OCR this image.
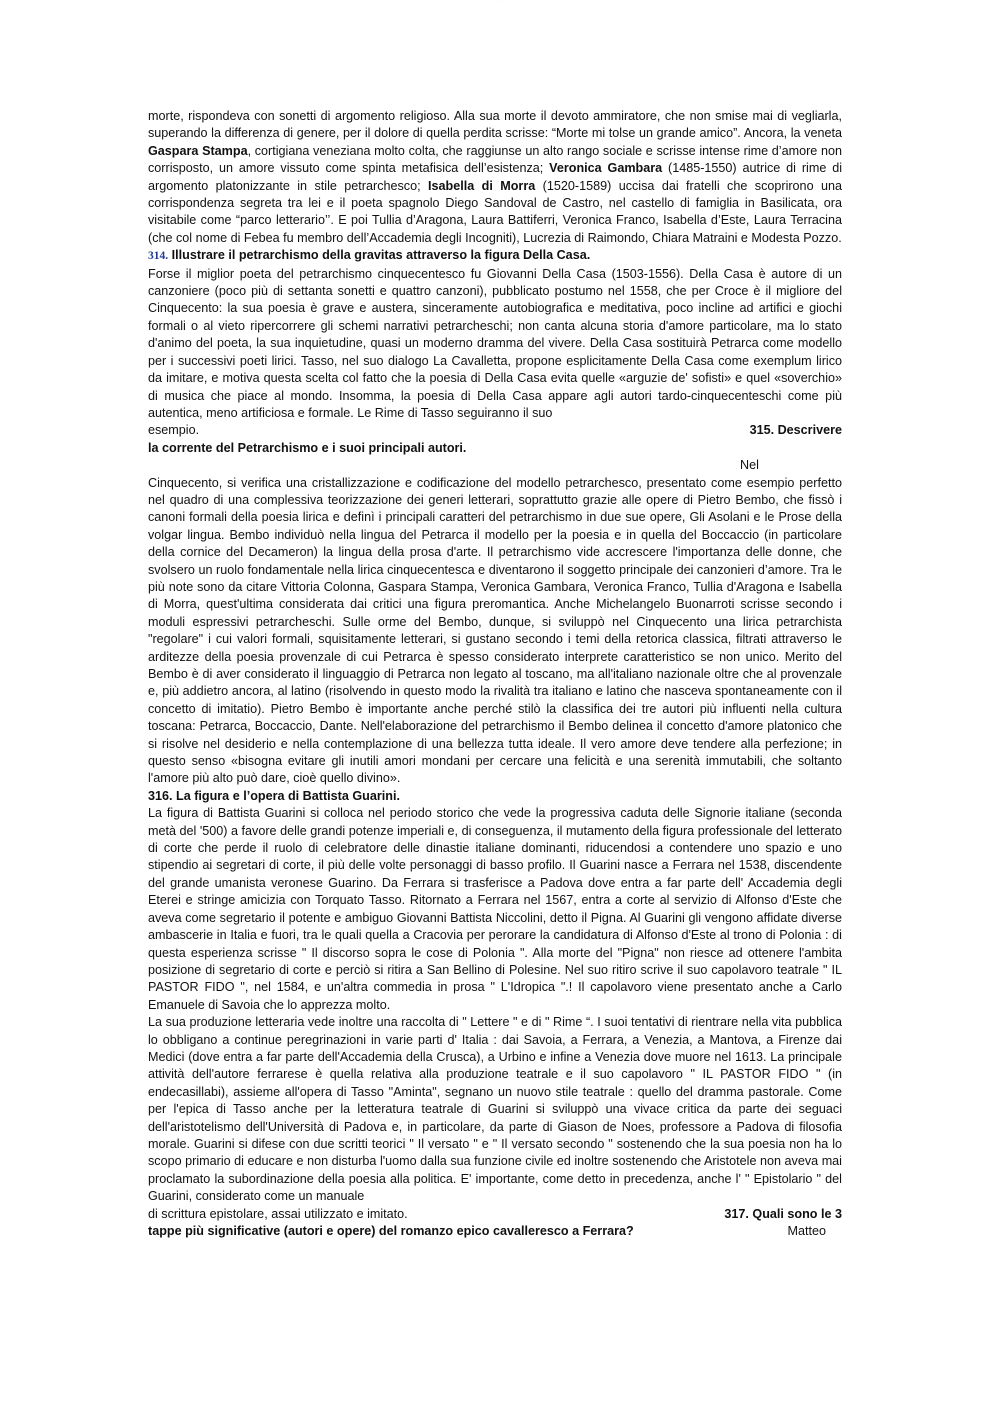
· · · · ·

morte, rispondeva con sonetti di argomento religioso. Alla sua morte il devoto ammiratore, che non smise mai di vegliarla, superando la differenza di genere, per il dolore di quella perdita scrisse: “Morte mi tolse un grande amico”. Ancora, la veneta Gaspara Stampa, cortigiana veneziana molto colta, che raggiunse un alto rango sociale e scrisse intense rime d’amore non corrisposto, un amore vissuto come spinta metafisica dell’esistenza; Veronica Gambara (1485-1550) autrice di rime di argomento platonizzante in stile petrarchesco; Isabella di Morra (1520-1589) uccisa dai fratelli che scoprirono una corrispondenza segreta tra lei e il poeta spagnolo Diego Sandoval de Castro, nel castello di famiglia in Basilicata, ora visitabile come “parco letterario’’. E poi Tullia d’Aragona, Laura Battiferri, Veronica Franco, Isabella d’Este, Laura Terracina (che col nome di Febea fu membro dell’Accademia degli Incogniti), Lucrezia di Raimondo, Chiara Matraini e Modesta Pozzo.

314. Illustrare il petrarchismo della gravitas attraverso la figura Della Casa.

Forse il miglior poeta del petrarchismo cinquecentesco fu Giovanni Della Casa (1503-1556). Della Casa è autore di un canzoniere (poco più di settanta sonetti e quattro canzoni), pubblicato postumo nel 1558, che per Croce è il migliore del Cinquecento: la sua poesia è grave e austera, sinceramente autobiografica e meditativa, poco incline ad artifici e giochi formali o al vieto ripercorrere gli schemi narrativi petrarcheschi; non canta alcuna storia d'amore particolare, ma lo stato d'animo del poeta, la sua inquietudine, quasi un moderno dramma del vivere. Della Casa sostituirà Petrarca come modello per i successivi poeti lirici. Tasso, nel suo dialogo La Cavalletta, propone esplicitamente Della Casa come exemplum lirico da imitare, e motiva questa scelta col fatto che la poesia di Della Casa evita quelle «arguzie de' sofisti» e quel «soverchio» di musica che piace al mondo. Insomma, la poesia di Della Casa appare agli autori tardo-cinquecenteschi come più autentica, meno artificiosa e formale. Le Rime di Tasso seguiranno il suo

esempio.	315. Descrivere

la corrente del Petrarchismo e i suoi principali autori.

Nel

Cinquecento, si verifica una cristallizzazione e codificazione del modello petrarchesco, presentato come esempio perfetto nel quadro di una complessiva teorizzazione dei generi letterari, soprattutto grazie alle opere di Pietro Bembo, che fissò i canoni formali della poesia lirica e definì i principali caratteri del petrarchismo in due sue opere, Gli Asolani e le Prose della volgar lingua. Bembo individuò nella lingua del Petrarca il modello per la poesia e in quella del Boccaccio (in particolare della cornice del Decameron) la lingua della prosa d'arte. Il petrarchismo vide accrescere l'importanza delle donne, che svolsero un ruolo fondamentale nella lirica cinquecentesca e diventarono il soggetto principale dei canzonieri d’amore. Tra le più note sono da citare Vittoria Colonna, Gaspara Stampa, Veronica Gambara, Veronica Franco, Tullia d'Aragona e Isabella di Morra, quest'ultima considerata dai critici una figura preromantica. Anche Michelangelo Buonarroti scrisse secondo i moduli espressivi petrarcheschi. Sulle orme del Bembo, dunque, si sviluppò nel Cinquecento una lirica petrarchista "regolare" i cui valori formali, squisitamente letterari, si gustano secondo i temi della retorica classica, filtrati attraverso le arditezze della poesia provenzale di cui Petrarca è spesso considerato interprete caratteristico se non unico. Merito del Bembo è di aver considerato il linguaggio di Petrarca non legato al toscano, ma all'italiano nazionale oltre che al provenzale e, più addietro ancora, al latino (risolvendo in questo modo la rivalità tra italiano e latino che nasceva spontaneamente con il concetto di imitatio). Pietro Bembo è importante anche perché stilò la classifica dei tre autori più influenti nella cultura toscana: Petrarca, Boccaccio, Dante. Nell'elaborazione del petrarchismo il Bembo delinea il concetto d'amore platonico che si risolve nel desiderio e nella contemplazione di una bellezza tutta ideale. Il vero amore deve tendere alla perfezione; in questo senso «bisogna evitare gli inutili amori mondani per cercare una felicità e una serenità immutabili, che soltanto l'amore più alto può dare, cioè quello divino».

316. La figura e l’opera di Battista Guarini.

La figura di Battista Guarini si colloca nel periodo storico che vede la progressiva caduta delle Signorie italiane (seconda metà del '500) a favore delle grandi potenze imperiali e, di conseguenza, il mutamento della figura professionale del letterato di corte che perde il ruolo di celebratore delle dinastie italiane dominanti, riducendosi a contendere uno spazio e uno stipendio ai segretari di corte, il più delle volte personaggi di basso profilo. Il Guarini nasce a Ferrara nel 1538, discendente del grande umanista veronese Guarino. Da Ferrara si trasferisce a Padova dove entra a far parte dell' Accademia degli Eterei e stringe amicizia con Torquato Tasso. Ritornato a Ferrara nel 1567, entra a corte al servizio di Alfonso d'Este che aveva come segretario il potente e ambiguo Giovanni Battista Niccolini, detto il Pigna. Al Guarini gli vengono affidate diverse ambascerie in Italia e fuori, tra le quali quella a Cracovia per perorare la candidatura di Alfonso d'Este al trono di Polonia : di questa esperienza scrisse " Il discorso sopra le cose di Polonia ". Alla morte del "Pigna" non riesce ad ottenere l'ambita posizione di segretario di corte e perciò si ritira a San Bellino di Polesine. Nel suo ritiro scrive il suo capolavoro teatrale " IL PASTOR FIDO ", nel 1584, e un'altra commedia in prosa " L'Idropica ".! Il capolavoro viene presentato anche a Carlo Emanuele di Savoia che lo apprezza molto.

La sua produzione letteraria vede inoltre una raccolta di " Lettere " e di " Rime “. I suoi tentativi di rientrare nella vita pubblica lo obbligano a continue peregrinazioni in varie parti d' Italia : dai Savoia, a Ferrara, a Venezia, a Mantova, a Firenze dai Medici (dove entra a far parte dell'Accademia della Crusca), a Urbino e infine a Venezia dove muore nel 1613. La principale attività dell'autore ferrarese è quella relativa alla produzione teatrale e il suo capolavoro " IL PASTOR FIDO " (in endecasillabi), assieme all'opera di Tasso "Aminta", segnano un nuovo stile teatrale : quello del dramma pastorale. Come per l'epica di Tasso anche per la letteratura teatrale di Guarini si sviluppò una vivace critica da parte dei seguaci dell'aristotelismo dell'Università di Padova e, in particolare, da parte di Giason de Noes, professore a Padova di filosofia morale. Guarini si difese con due scritti teorici " Il versato " e " Il versato secondo " sostenendo che la sua poesia non ha lo scopo primario di educare e non disturba l'uomo dalla sua funzione civile ed inoltre sostenendo che Aristotele non aveva mai proclamato la subordinazione della poesia alla politica. E' importante, come detto in precedenza, anche l' " Epistolario " del Guarini, considerato come un manuale

di scrittura epistolare, assai utilizzato e imitato.	317. Quali sono le 3

tappe più significative (autori e opere) del romanzo epico cavalleresco a Ferrara?	Matteo
